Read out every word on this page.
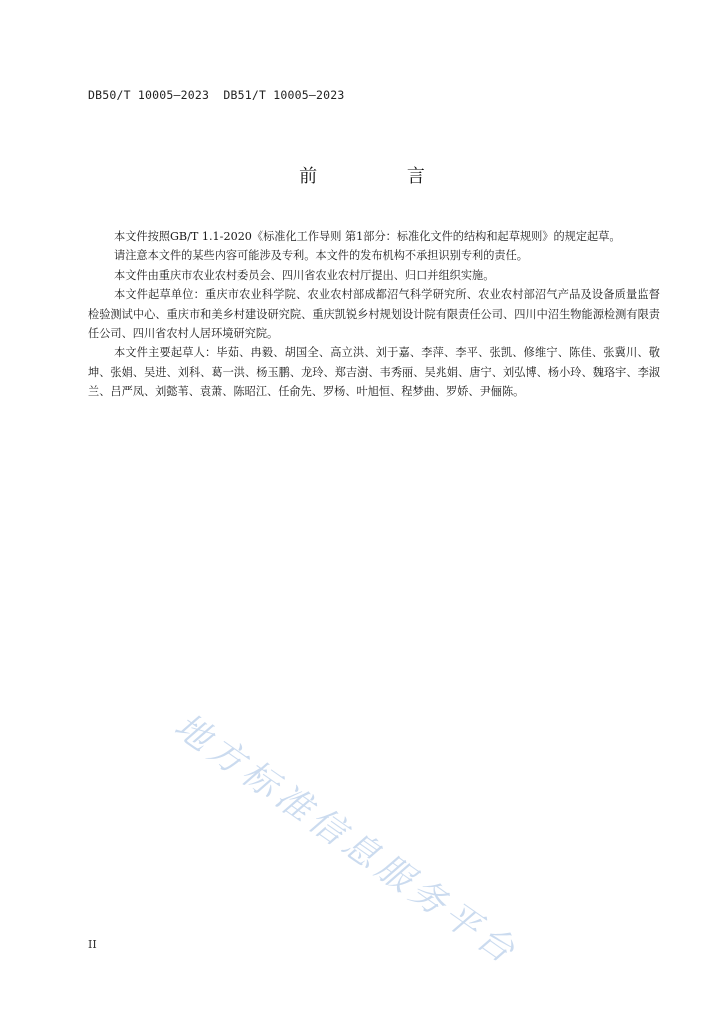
DB50/T 10005—2023  DB51/T 10005—2023
前 言

本文件按照GB/T 1.1-2020《标准化工作导则 第1部分：标准化文件的结构和起草规则》的规定起草。

请注意本文件的某些内容可能涉及专利。本文件的发布机构不承担识别专利的责任。

本文件由重庆市农业农村委员会、四川省农业农村厅提出、归口并组织实施。

本文件起草单位：重庆市农业科学院、农业农村部成都沼气科学研究所、农业农村部沼气产品及设备质量监督检验测试中心、重庆市和美乡村建设研究院、重庆凯锐乡村规划设计院有限责任公司、四川中沼生物能源检测有限责任公司、四川省农村人居环境研究院。

本文件主要起草人：毕茹、冉毅、胡国全、高立洪、刘于嘉、李萍、李平、张凯、修维宁、陈佳、张冀川、敬坤、张娟、吴进、刘科、葛一洪、杨玉鹏、龙玲、郑吉澍、韦秀丽、吴兆娟、唐宁、刘弘博、杨小玲、魏珞宇、李淑兰、吕严凤、刘懿苇、袁萧、陈昭江、任俞先、罗杨、叶旭恒、程梦曲、罗娇、尹俪陈。

地方标准信息服务平台
II
